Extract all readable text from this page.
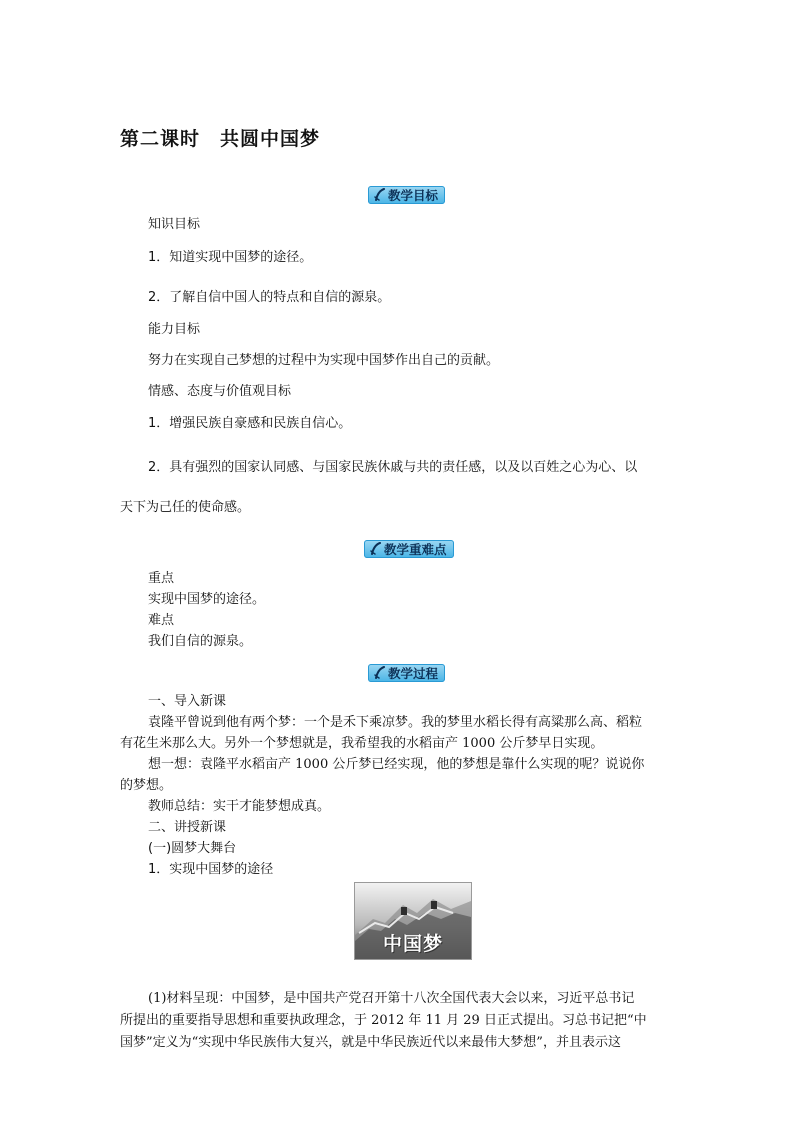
第二课时　共圆中国梦
教学目标
知识目标
1．知道实现中国梦的途径。
2．了解自信中国人的特点和自信的源泉。
能力目标
努力在实现自己梦想的过程中为实现中国梦作出自己的贡献。
情感、态度与价值观目标
1．增强民族自豪感和民族自信心。
2．具有强烈的国家认同感、与国家民族休戚与共的责任感，以及以百姓之心为心、以
天下为己任的使命感。
教学重难点
重点
实现中国梦的途径。
难点
我们自信的源泉。
教学过程
一、导入新课
袁隆平曾说到他有两个梦：一个是禾下乘凉梦。我的梦里水稻长得有高粱那么高、稻粒
有花生米那么大。另外一个梦想就是，我希望我的水稻亩产 1000 公斤梦早日实现。
想一想：袁隆平水稻亩产 1000 公斤梦已经实现，他的梦想是靠什么实现的呢？说说你
的梦想。
教师总结：实干才能梦想成真。
二、讲授新课
(一)圆梦大舞台
1．实现中国梦的途径
中国梦
(1)材料呈现：中国梦，是中国共产党召开第十八次全国代表大会以来，习近平总书记
所提出的重要指导思想和重要执政理念，于 2012 年 11 月 29 日正式提出。习总书记把“中
国梦”定义为“实现中华民族伟大复兴，就是中华民族近代以来最伟大梦想”，并且表示这
